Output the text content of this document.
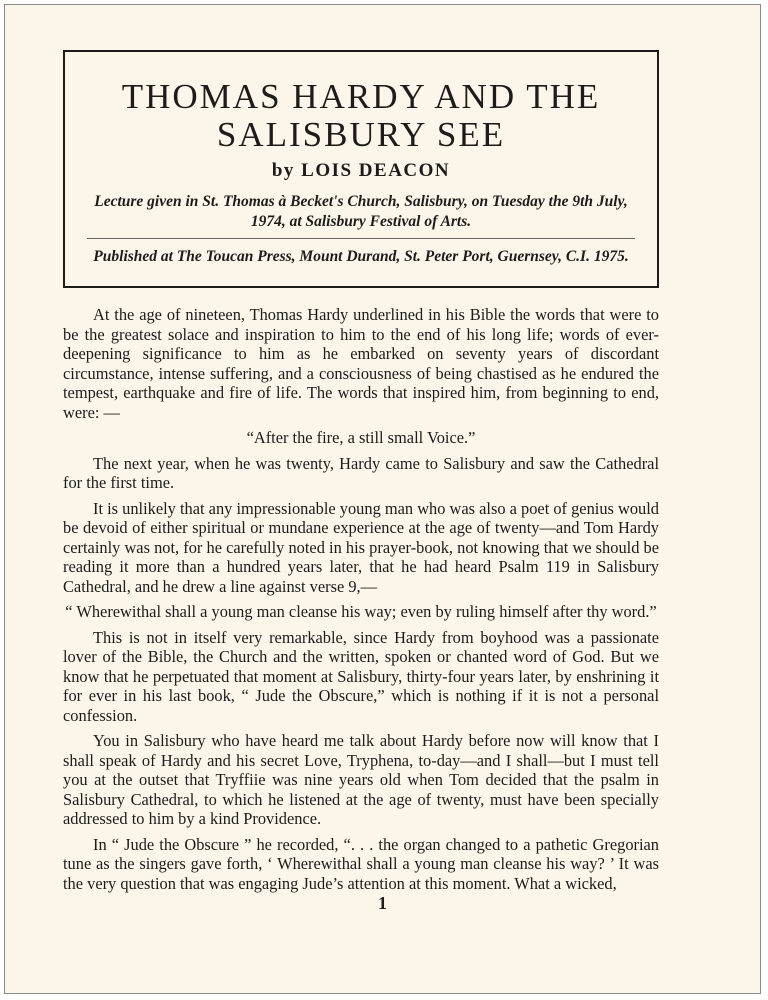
THOMAS HARDY AND THE
SALISBURY SEE
by LOIS DEACON
Lecture given in St. Thomas à Becket's Church, Salisbury, on Tuesday the 9th July, 1974, at Salisbury Festival of Arts.
Published at The Toucan Press, Mount Durand, St. Peter Port, Guernsey, C.I. 1975.

At the age of nineteen, Thomas Hardy underlined in his Bible the words that were to be the greatest solace and inspiration to him to the end of his long life; words of ever-deepening significance to him as he embarked on seventy years of discordant circumstance, intense suffering, and a consciousness of being chastised as he endured the tempest, earthquake and fire of life. The words that inspired him, from beginning to end, were: —

“After the fire, a still small Voice.”

The next year, when he was twenty, Hardy came to Salisbury and saw the Cathedral for the first time.

It is unlikely that any impressionable young man who was also a poet of genius would be devoid of either spiritual or mundane experience at the age of twenty—and Tom Hardy certainly was not, for he carefully noted in his prayer-book, not knowing that we should be reading it more than a hundred years later, that he had heard Psalm 119 in Salisbury Cathedral, and he drew a line against verse 9,—

“ Wherewithal shall a young man cleanse his way; even by ruling himself after thy word.”

This is not in itself very remarkable, since Hardy from boyhood was a passionate lover of the Bible, the Church and the written, spoken or chanted word of God. But we know that he perpetuated that moment at Salisbury, thirty-four years later, by enshrining it for ever in his last book, “ Jude the Obscure,” which is nothing if it is not a personal confession.

You in Salisbury who have heard me talk about Hardy before now will know that I shall speak of Hardy and his secret Love, Tryphena, to-day—and I shall—but I must tell you at the outset that Tryffiie was nine years old when Tom decided that the psalm in Salisbury Cathedral, to which he listened at the age of twenty, must have been specially addressed to him by a kind Providence.

In “ Jude the Obscure ” he recorded, “. . . the organ changed to a pathetic Gregorian tune as the singers gave forth, ‘ Wherewithal shall a young man cleanse his way? ’ It was the very question that was engaging Jude’s attention at this moment. What a wicked,

1
